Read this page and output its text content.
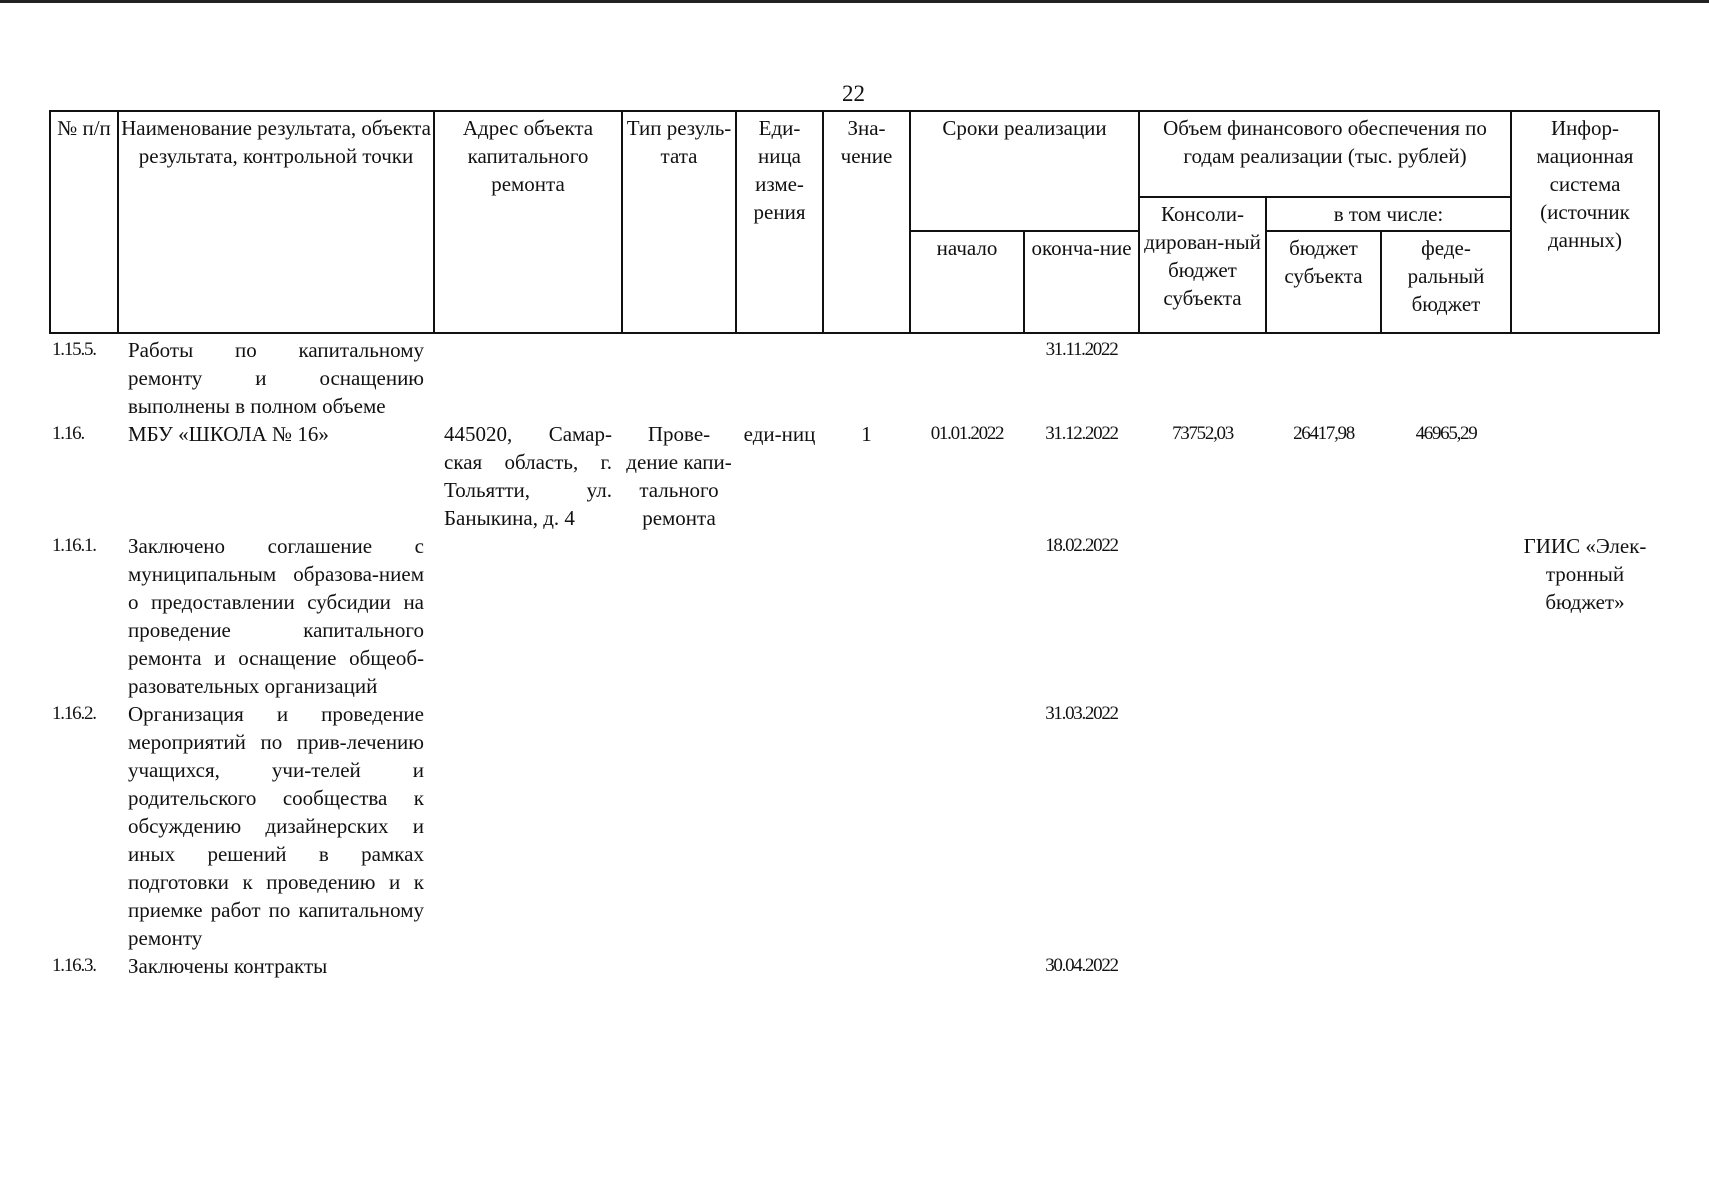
22
№ п/п	Наименование результата, объекта результата, контрольной точки	Адрес объекта капитального ремонта	Тип резуль-тата	Еди-ница изме-рения	Зна-чение	Сроки реализации		Объем финансового обеспечения по годам реализации (тыс. рублей)			Инфор-мационная система (источник данных)
								Консоли-дирован-ный бюджет субъекта	в том числе:		
						начало	оконча-ние		бюджет субъекта	феде-ральный бюджет	
1.15.5.	Работы по капитальному ремонту и оснащению выполнены в полном объеме						31.11.2022				
1.16.	МБУ «ШКОЛА № 16»	445020, Самар-ская область, г. Тольятти, ул. Баныкина, д. 4	Прове-дение капи-тального ремонта	еди-ниц	1	01.01.2022	31.12.2022	73752,03	26417,98	46965,29	
1.16.1.	Заключено соглашение с муниципальным образова-нием о предоставлении субсидии на проведение капитального ремонта и оснащение общеоб-разовательных организаций						18.02.2022				ГИИС «Элек-тронный бюджет»
1.16.2.	Организация и проведение мероприятий по прив-лечению учащихся, учи-телей и родительского сообщества к обсуждению дизайнерских и иных решений в рамках подготовки к проведению и к приемке работ по капитальному ремонту						31.03.2022				
1.16.3.	Заключены контракты						30.04.2022				
